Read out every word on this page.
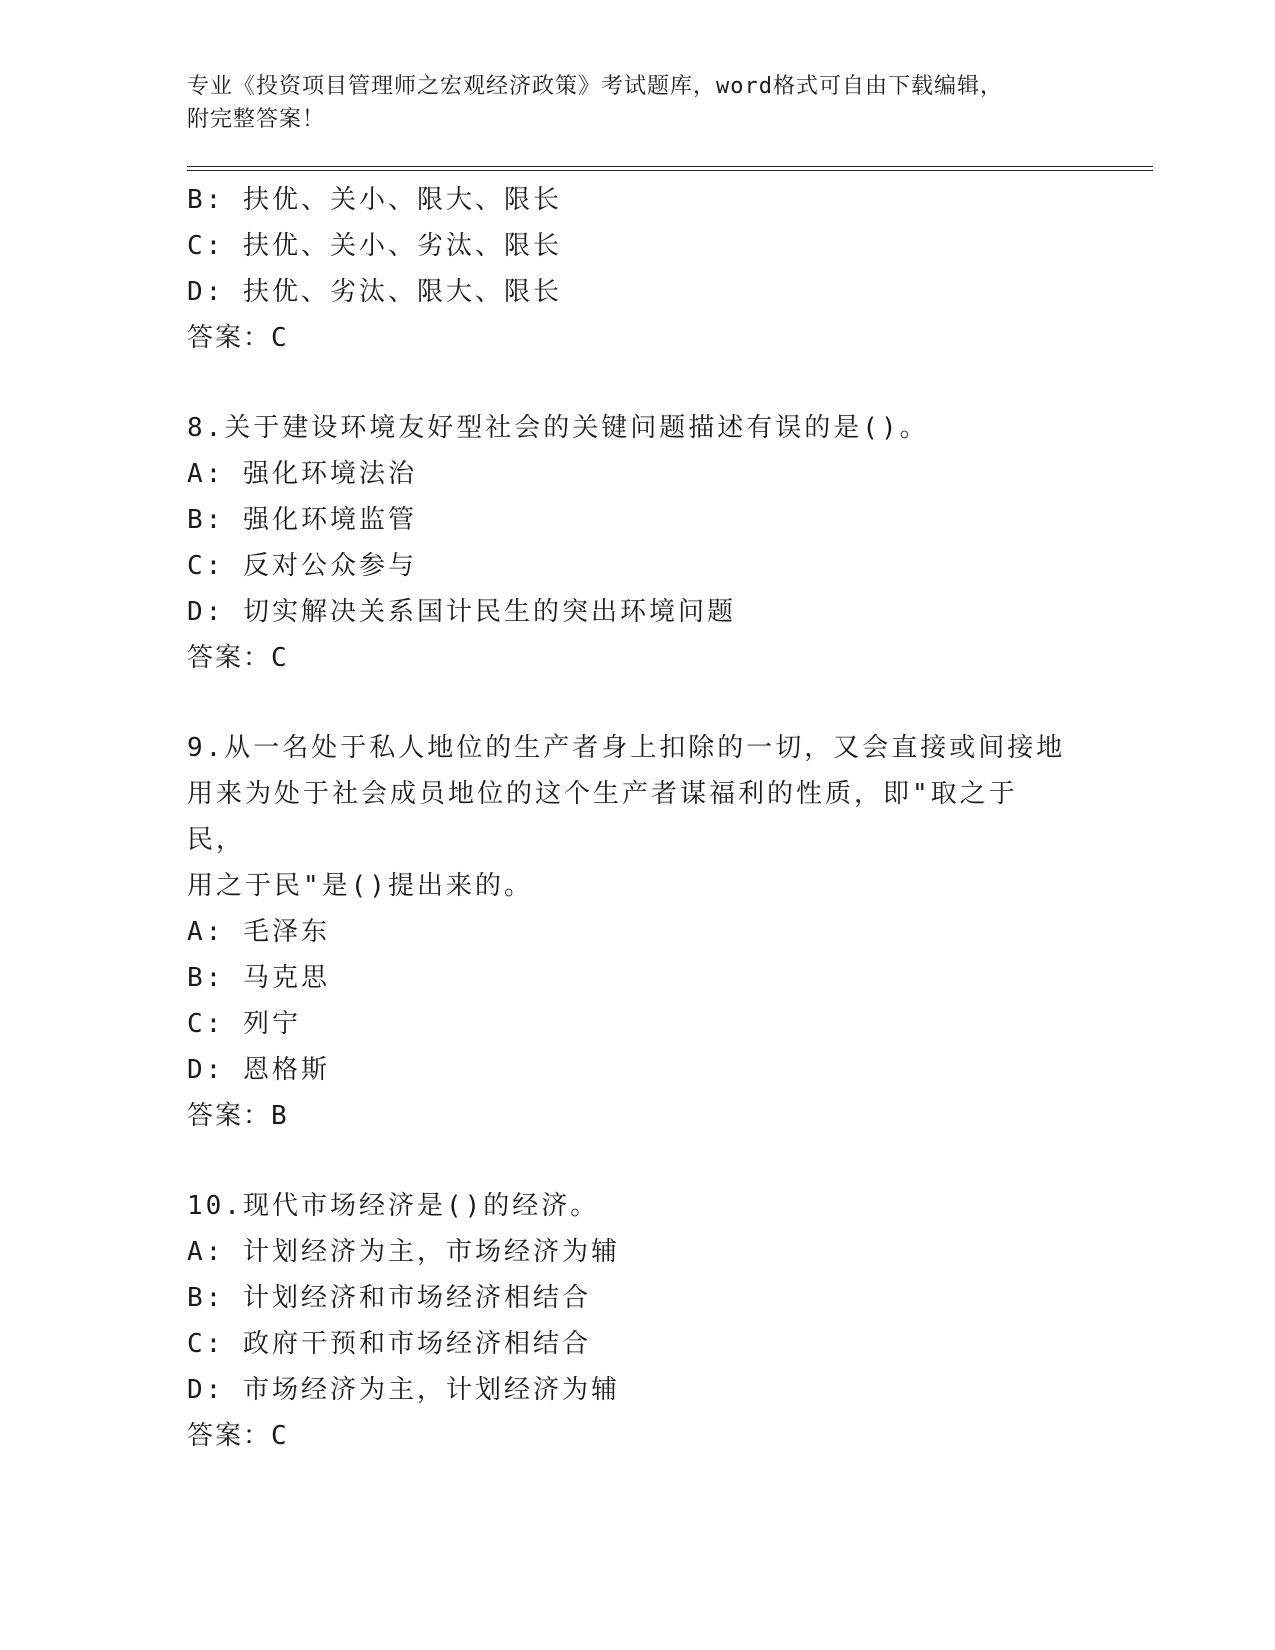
专业《投资项目管理师之宏观经济政策》考试题库，word格式可自由下载编辑，
附完整答案！

B: 扶优、关小、限大、限长

C: 扶优、关小、劣汰、限长

D: 扶优、劣汰、限大、限长

答案：C

8.关于建设环境友好型社会的关键问题描述有误的是()。

A: 强化环境法治

B: 强化环境监管

C: 反对公众参与

D: 切实解决关系国计民生的突出环境问题

答案：C

9.从一名处于私人地位的生产者身上扣除的一切，又会直接或间接地

用来为处于社会成员地位的这个生产者谋福利的性质，即"取之于民，

用之于民"是()提出来的。

A: 毛泽东

B: 马克思

C: 列宁

D: 恩格斯

答案：B

10.现代市场经济是()的经济。

A: 计划经济为主，市场经济为辅

B: 计划经济和市场经济相结合

C: 政府干预和市场经济相结合

D: 市场经济为主，计划经济为辅

答案：C
